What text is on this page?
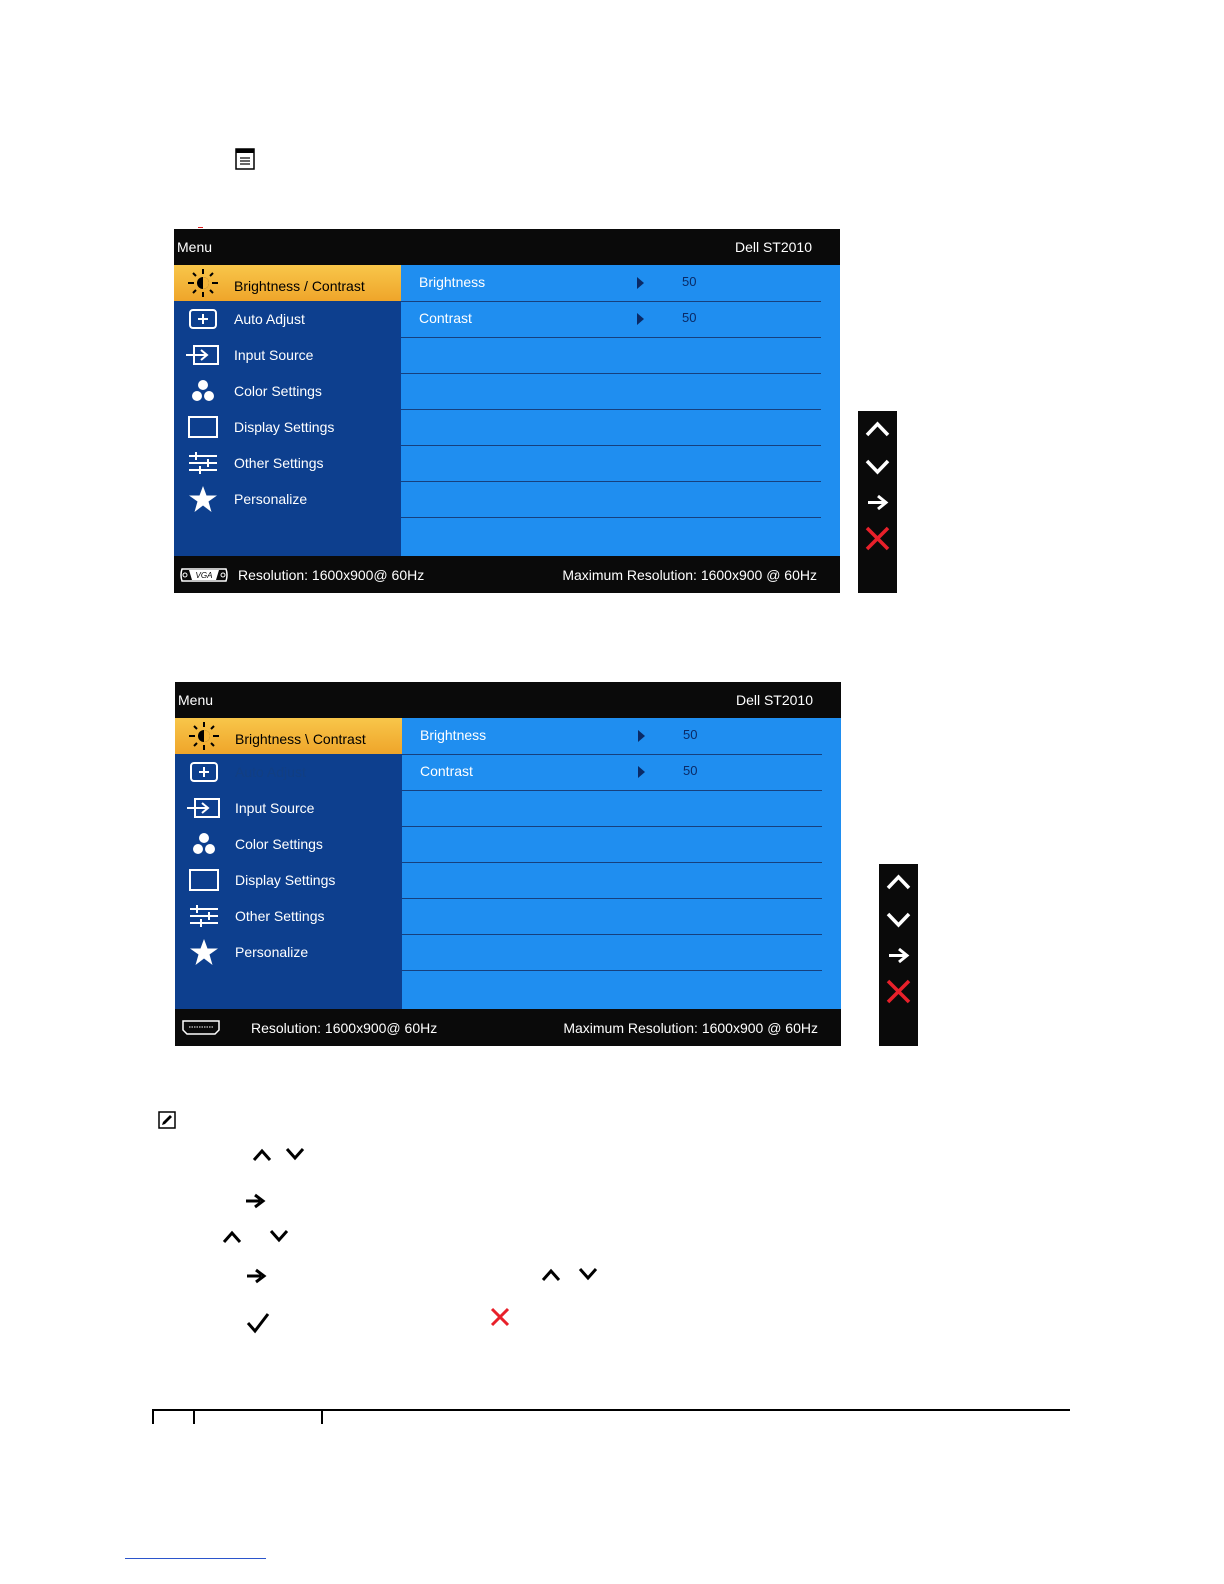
Menu	Dell ST2010
Brightness / Contrast
Auto Adjust
Input Source
Color Settings
Display Settings
Other Settings
Personalize
Brightness	50
Contrast	50
VGA Resolution: 1600x900@ 60Hz	Maximum Resolution: 1600x900 @ 60Hz
Menu	Dell ST2010
Brightness \ Contrast
Auto Adjust
Input Source
Color Settings
Display Settings
Other Settings
Personalize
Brightness	50
Contrast	50
Resolution: 1600x900@ 60Hz	Maximum Resolution: 1600x900 @ 60Hz
